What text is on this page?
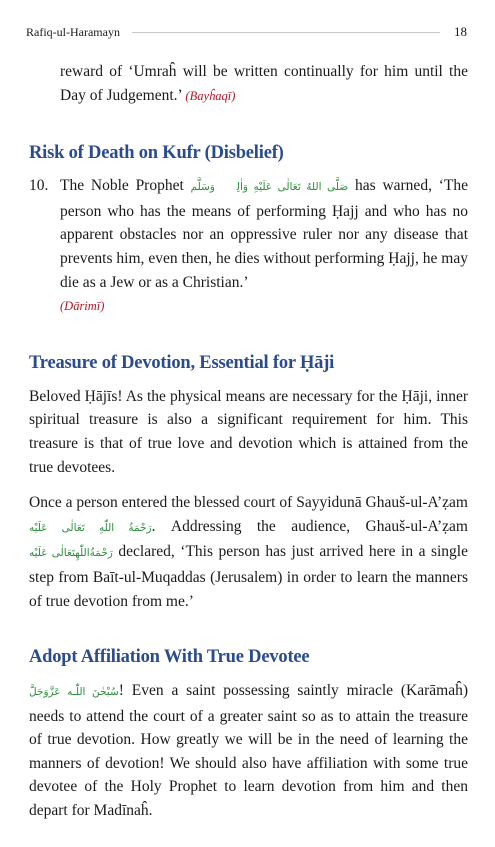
Rafiq-ul-Haramayn	18

reward of ‘Umraĥ will be written continually for him until the Day of Judgement.’ (Bayĥaqī)

Risk of Death on Kufr (Disbelief)
10. The Noble Prophet صَلَّى اللهُ تَعَالٰى عَلَيْهِ وَاٰلِهٖ وَسَلَّم has warned, ‘The person who has the means of performing Ḥajj and who has no apparent obstacles nor an oppressive ruler nor any disease that prevents him, even then, he dies without performing Ḥajj, he may die as a Jew or as a Christian.’

(Dārimī)

Treasure of Devotion, Essential for Ḥāji

Beloved Ḥājīs! As the physical means are necessary for the Ḥāji, inner spiritual treasure is also a significant requirement for him. This treasure is that of true love and devotion which is attained from the true devotees.

Once a person entered the blessed court of Sayyidunā Ghauš-ul-A’ẓam رَحْمَةُ اللّٰهِ تَعَالٰى عَلَيْه. Addressing the audience, Ghauš-ul-A’ẓam رَحْمَةُاللّٰهِتَعَالٰى عَلَيْه declared, ‘This person has just arrived here in a single step from Baīt-ul-Muqaddas (Jerusalem) in order to learn the manners of true devotion from me.’

Adopt Affiliation With True Devotee

سُبْحٰنَ اللّٰـه عَزَّوَجَلَّ! Even a saint possessing saintly miracle (Karāmaĥ) needs to attend the court of a greater saint so as to attain the treasure of true devotion. How greatly we will be in the need of learning the manners of devotion! We should also have affiliation with some true devotee of the Holy Prophet to learn devotion from him and then depart for Madīnaĥ.
